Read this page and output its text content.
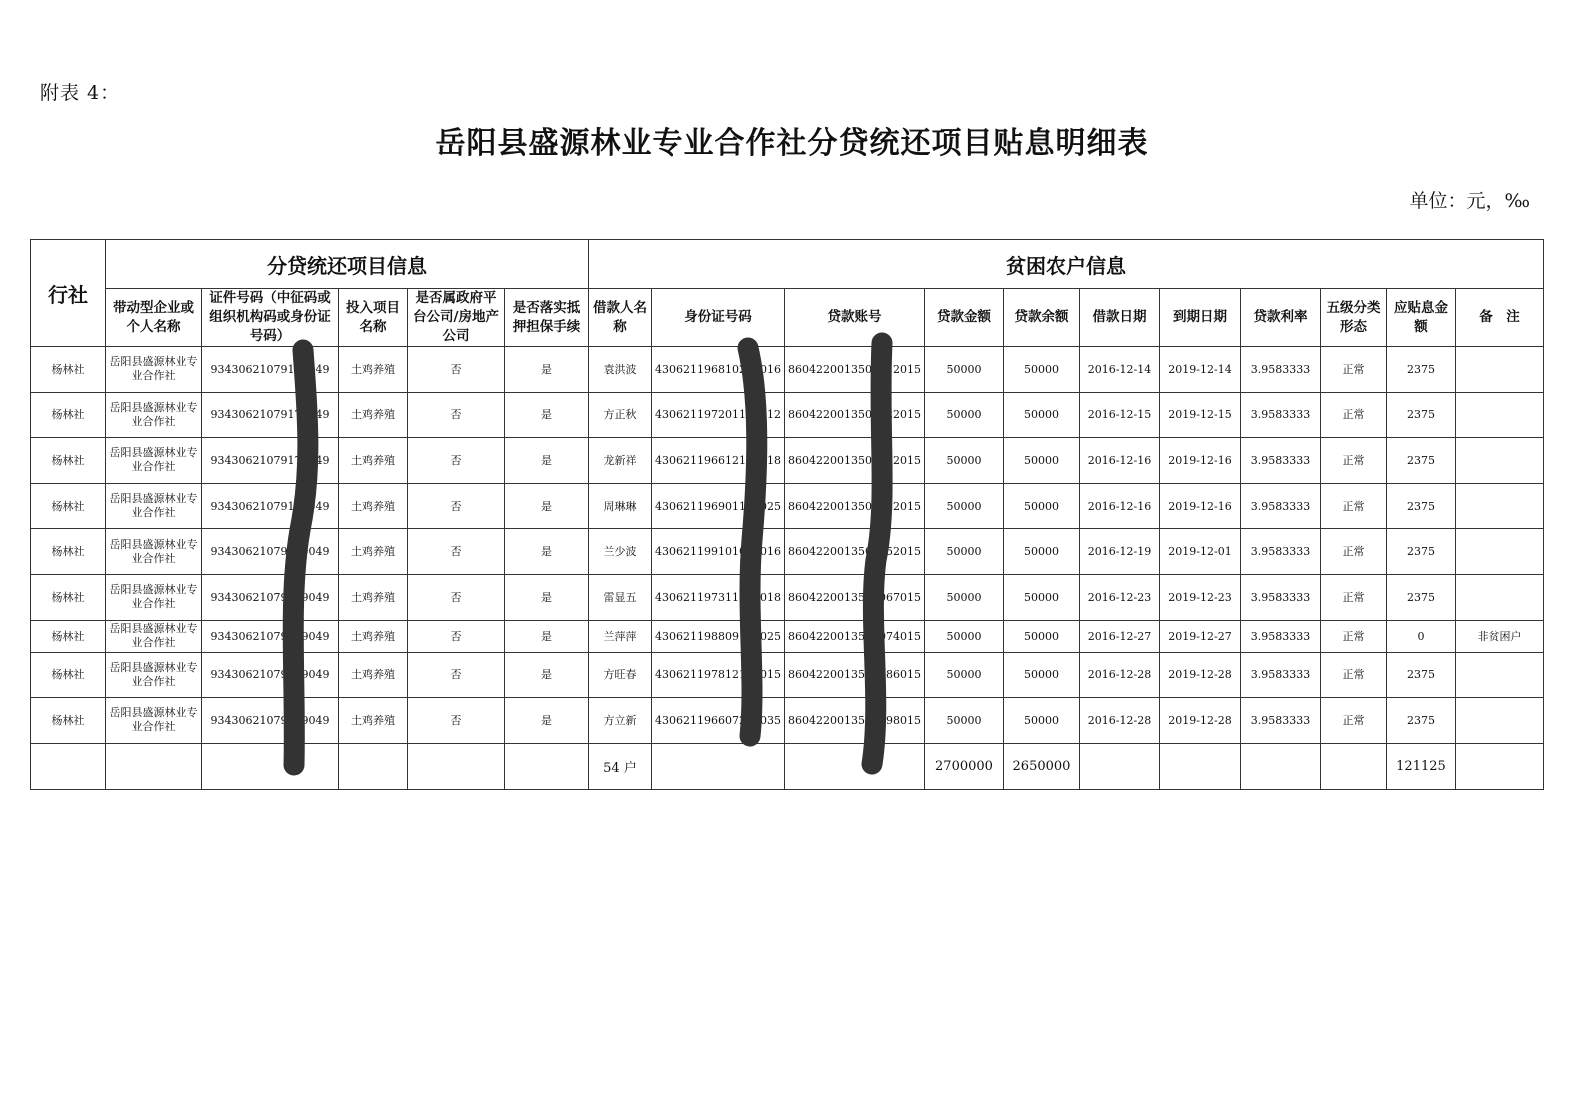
附表 4：
岳阳县盛源林业专业合作社分贷统还项目贴息明细表
单位：元，‰
行社	分贷统还项目信息					贫困农户信息										
	带动型企业或个人名称	证件号码（中征码或组织机构码或身份证号码）	投入项目名称	是否属政府平台公司/房地产公司	是否落实抵押担保手续	借款人名称	身份证号码	贷款账号	贷款金额	贷款余额	借款日期	到期日期	贷款利率	五级分类形态	应贴息金额	备　注
杨林社	岳阳县盛源林业专业合作社	93430621079179049	土鸡养殖	否	是	袁洪波	430621196810226016	8604220013500012015	50000	50000	2016-12-14	2019-12-14	3.9583333	正常	2375	
杨林社	岳阳县盛源林业专业合作社	93430621079179049	土鸡养殖	否	是	方正秋	430621197201102212	8604220013500022015	50000	50000	2016-12-15	2019-12-15	3.9583333	正常	2375	
杨林社	岳阳县盛源林业专业合作社	93430621079179049	土鸡养殖	否	是	龙新祥	430621196612121018	8604220013500032015	50000	50000	2016-12-16	2019-12-16	3.9583333	正常	2375	
杨林社	岳阳县盛源林业专业合作社	93430621079179049	土鸡养殖	否	是	周琳琳	430621196901150025	8604220013500042015	50000	50000	2016-12-16	2019-12-16	3.9583333	正常	2375	
杨林社	岳阳县盛源林业专业合作社	93430621079179049	土鸡养殖	否	是	兰少波	430621199101010016	8604220013500052015	50000	50000	2016-12-19	2019-12-01	3.9583333	正常	2375	
杨林社	岳阳县盛源林业专业合作社	93430621079179049	土鸡养殖	否	是	雷显五	430621197311130018	8604220013500067015	50000	50000	2016-12-23	2019-12-23	3.9583333	正常	2375	
杨林社	岳阳县盛源林业专业合作社	93430621079179049	土鸡养殖	否	是	兰萍萍	430621198809120025	8604220013500074015	50000	50000	2016-12-27	2019-12-27	3.9583333	正常	0	非贫困户
杨林社	岳阳县盛源林业专业合作社	93430621079179049	土鸡养殖	否	是	方旺春	430621197812120015	8604220013500086015	50000	50000	2016-12-28	2019-12-28	3.9583333	正常	2375	
杨林社	岳阳县盛源林业专业合作社	93430621079179049	土鸡养殖	否	是	方立新	430621196607210035	8604220013500098015	50000	50000	2016-12-28	2019-12-28	3.9583333	正常	2375	
						54 户			2700000	2650000					121125	
